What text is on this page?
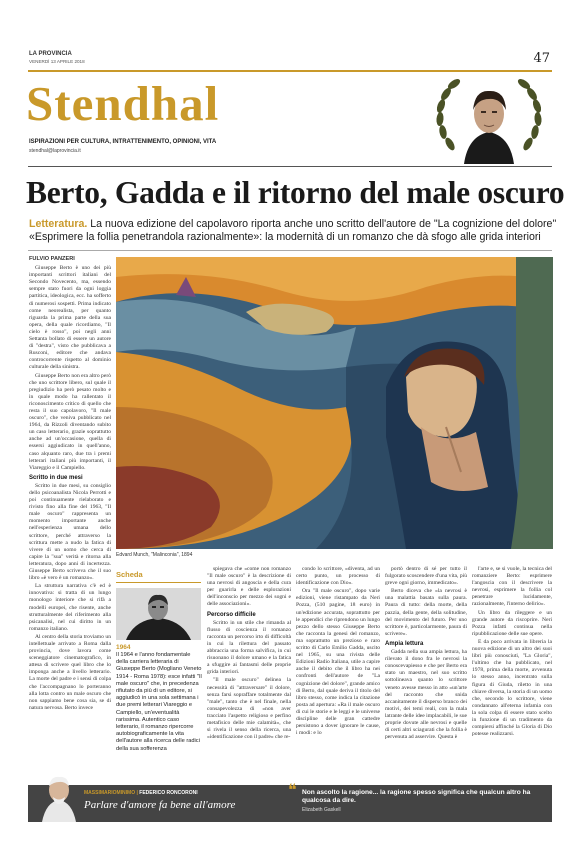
LA PROVINCIA
VENERDÌ 13 APRILE 2018	47
Stendhal
ISPIRAZIONI PER CULTURA, INTRATTENIMENTO, OPINIONI, VITA
stendhal@laprovincia.it
Berto, Gadda e il ritorno del male oscuro
Letteratura. La nuova edizione del capolavoro riporta anche uno scritto dell'autore de "La cognizione del dolore"
«Esprimere la follia penetrandola razionalmente»: la modernità di un romanzo che dà sfogo alle grida interiori

FULVIO PANZERI

Giuseppe Berto è uno dei più importanti scrittori italiani del Secondo Novecento, ma, essendo sempre stato fuori da ogni loggia partitica, ideologica, ecc. ha sofferto di numerosi sospetti. Prima indicato come neorealista, per quanto riguarda la prima parte della sua opera, della quale ricordiamo, "Il cielo è rosso", poi negli anni Settanta bollato di essere un autore di "destra", visto che pubblicava a Rusconi, editore che andava controcorrente rispetto al dominio culturale della sinistra.

Giuseppe Berto non era altro però che uno scrittore libero, sul quale il pregiudizio ha però pesato molto e in quale modo ha rallentato il riconoscimento critico di quello che resta il suo capolavoro, "Il male oscuro", che veniva pubblicato nel 1964, da Rizzoli diventando subito un caso letterario, grazie soprattutto anche ad un'occasione, quella di essersi aggiudicato in quell'anno, caso alquanto raro, due tra i premi letterari italiani più importanti, il Viareggio e il Campiello.

Scritto in due mesi

Scritto in due mesi, su consiglio dello psicoanalista Nicola Perrotti e poi continuamente rielaborato e rivisto fino alla fine del 1963, "Il male oscuro" rappresenta un momento importante anche nell'esperienza umana dello scrittore, perché attraverso la scrittura mette a nudo la fatica di vivere di un uomo che cerca di capire la "sua" verità e ritorna alla letteratura, dopo anni di incertezza. Giuseppe Berto scriveva che il suo libro «è vero è un romanzo».

La struttura narrativa c'è ed è innovativa: si tratta di un lungo monologo interiore che si rifà a modelli europei, che risente, anche strutturalmente del riferimento alla psicanalisi, nel cui diritto in un romanzo italiano.

Al centro della storia troviamo un intellettuale arrivato a Roma dalla provincia, dove lavora come sceneggiatore cinematografico, in attesa di scrivere quel libro che lo imponga anche a livello letterario. La morte del padre e i sensi di colpa che l'accompagnano lo porteranno alla lotta contro un male oscuro che non sappiamo bene cosa sia, se di natura nervosa. Berto invece

Edvard Munch, "Malinconia", 1894
Scheda
1964
Il 1964 e l'anno fondamentale della carriera letteraria di Giuseppe Berto (Mogliano Veneto 1914 - Roma 1978): esce infatti "Il male oscuro" che, in precedenza rifiutato da più di un editore, si aggiudicò in una sola settimana i due premi letterari Viareggio e Campiello, un'eventualità rarissima. Autentico caso letterario, il romanzo ripercorre autobiograficamente la vita dell'autore alla ricerca delle radici della sua sofferenza

spiegava che «come non romanzo "Il male oscuro" è la descrizione di una nevrosi di angoscia e della cura per guarirla e delle esplorazioni dell'inconscio per mezzo dei sogni e delle associazioni».

Percorso difficile

Scritto in un stile che rimanda al flusso di coscienza il romanzo racconta un percorso irto di difficoltà in cui la rilettura del passato abbraccia una forma salvifica, in cui risuonano il dolore umano e la fatica a sfuggire ai fantasmi delle proprie grida interiori.

"Il male oscuro" delinea la necessità di "attraversare" il dolore, senza farsi sopraffare totalmente dal "male", tanto che è nel finale, nella consapevolezza di «non aver tracciato l'aspetto religioso e perfino metafisico delle mie calamità», che si rivela il senso della ricerca, una «identificazione con il padre» che re-

condo lo scrittore, «diventa, ad un certo punto, un processo di identificazione con Dio».

Ora "Il male oscuro", dopo varie edizioni, viene ristampato da Neri Pozza, (510 pagine, 18 euro) in un'edizione accurata, soprattutto per le appendici che riprendono un lungo pezzo dello stesso Giuseppe Berto che racconta la genesi del romanzo, ma soprattutto un prezioso e raro scritto di Carlo Emilio Gadda, uscito nel 1965, su una rivista delle Edizioni Radio Italiana, utile a capire anche il debito che il libro ha nei confronti dell'autore de "La cognizione del dolore", grande amico di Berto, dal quale deriva il titolo del libro stesso, come indica la citazione posta ad apertura: «Ra il male oscuro di cui le storie e le leggi e le universe discipline delle gran cattedre persistono a dover ignorare le cause, i modi: e lo

portò dentro di sé per tutto il fulgorato scoscendere d'una vita, più greve ogni giorno, immedicato».

Berto diceva che «la nevrosi è una malattia basata sulla paura. Paura di tutto: della morte, della pazzia, della gente, della solitudine, del movimento del futuro. Per uno scrittore è, particolarmente, paura di scrivere».

Ampia lettura

Gadda nella sua ampia lettura, ha rilevato il dono fra le nevrosi la conoscevapiesso e che per Berto era stato un maestro, nel suo scritto sottolineava quanto lo scrittore veneto avesse messo in atto «un'arte del racconto che snida accanitamente il disperso branco dei motivi, dei temi reali, con la mala latrante delle idee implacabili, le sue proprie dovute alle nevrosi e quelle di certi altri sciagurati che la follia è pervenuta ad asservire. Questa è

l'arte e, se si vuole, la tecnica del romanziere Berto: esprimere l'angoscia con il descrivere la nevrosi, esprimere la follia col penetrare lucidamente, razionalmente, l'interno delirio».

Un libro da rileggere e un grande autore da riscoprire. Neri Pozza infatti continua nella ripubblicazione delle sue opere.

E da poco arrivata in libreria la nuova edizione di un altro dei suoi libri più conosciuti, "La Gloria", l'ultimo che ha pubblicato, nel 1978, prima della morte, avvenuta lo stesso anno, incentrato sulla figura di Giuda, riletto in una chiave diversa, la storia di un uomo che, secondo lo scrittore, viene condannato all'eterna infamia con la sola colpa di essere stato scelto in funzione di un tradimento da compiersi affinché la Gloria di Dio potesse realizzarsi.

MASSIMARIOMINIMO | FEDERICO RONCORONI
Parlare d'amore fa bene all'amore
❝ Non ascolto la ragione... la ragione spesso significa che qualcun altro ha qualcosa da dire.
Elizabeth Gaskell
